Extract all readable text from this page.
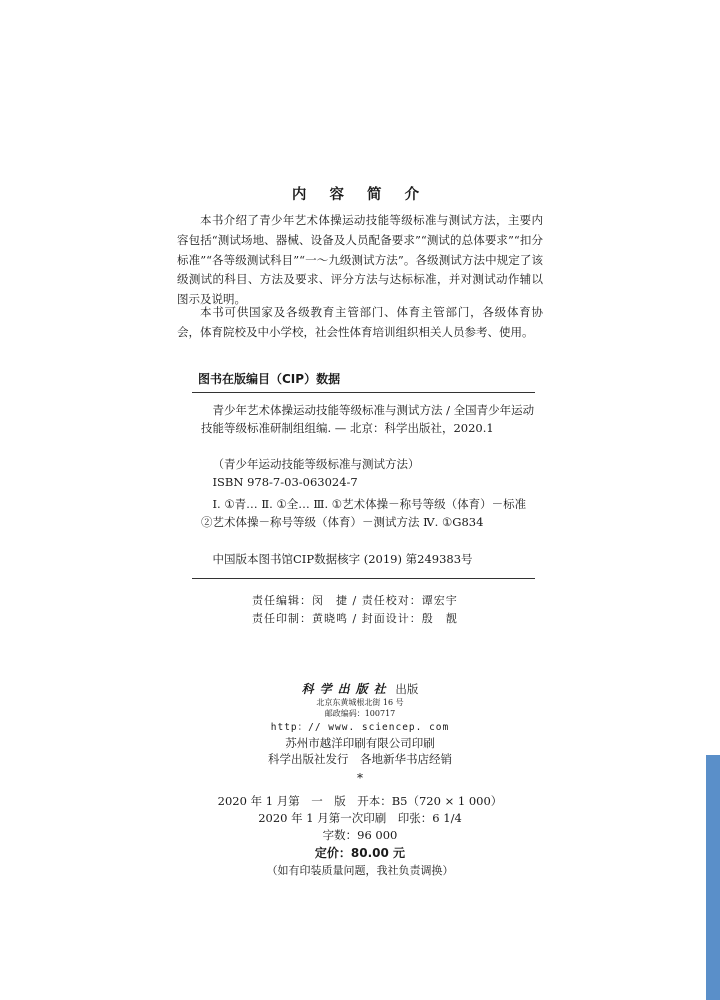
内 容 简 介

本书介绍了青少年艺术体操运动技能等级标准与测试方法，主要内容包括“测试场地、器械、设备及人员配备要求”“测试的总体要求”“扣分标准”“各等级测试科目”“一～九级测试方法”。各级测试方法中规定了该级测试的科目、方法及要求、评分方法与达标标准，并对测试动作辅以图示及说明。

本书可供国家及各级教育主管部门、体育主管部门，各级体育协会，体育院校及中小学校，社会性体育培训组织相关人员参考、使用。

图书在版编目（CIP）数据

青少年艺术体操运动技能等级标准与测试方法 / 全国青少年运动技能等级标准研制组组编. — 北京：科学出版社，2020.1

（青少年运动技能等级标准与测试方法）

ISBN 978-7-03-063024-7

Ⅰ. ①青… Ⅱ. ①全… Ⅲ. ①艺术体操－称号等级（体育）－标准 ②艺术体操－称号等级（体育）－测试方法 Ⅳ. ①G834

中国版本图书馆CIP数据核字 (2019) 第249383号

责任编辑：闵　捷 / 责任校对：谭宏宇
责任印制：黄晓鸣 / 封面设计：殷　靓
科学出版社 出版
北京东黄城根北街 16 号
邮政编码：100717
http：// www. sciencep. com
苏州市越洋印刷有限公司印刷
科学出版社发行　各地新华书店经销
*
2020 年 1 月第　一　版　开本：B5（720 × 1 000）
2020 年 1 月第一次印刷　印张：6 1/4
字数：96 000
定价：80.00 元
（如有印装质量问题，我社负责调换）
